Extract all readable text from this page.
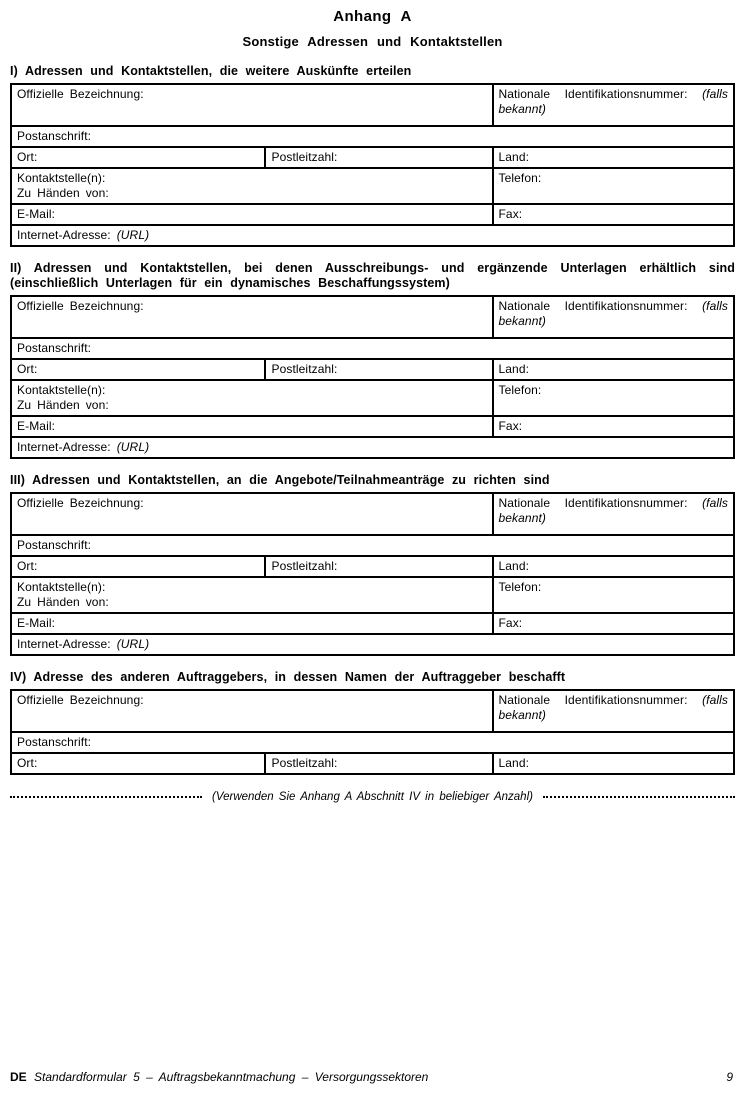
Anhang A
Sonstige Adressen und Kontaktstellen
I) Adressen und Kontaktstellen, die weitere Auskünfte erteilen
Offizielle Bezeichnung:		Nationale Identifikationsnummer: (falls bekannt)
Postanschrift:		
Ort:	Postleitzahl:	Land:
Kontaktstelle(n):
Zu Händen von:		Telefon:
E-Mail:		Fax:
Internet-Adresse: (URL)		
II) Adressen und Kontaktstellen, bei denen Ausschreibungs- und ergänzende Unterlagen erhältlich sind (einschließlich Unterlagen für ein dynamisches Beschaffungssystem)
Offizielle Bezeichnung:		Nationale Identifikationsnummer: (falls bekannt)
Postanschrift:		
Ort:	Postleitzahl:	Land:
Kontaktstelle(n):
Zu Händen von:		Telefon:
E-Mail:		Fax:
Internet-Adresse: (URL)		
III) Adressen und Kontaktstellen, an die Angebote/Teilnahmeanträge zu richten sind
Offizielle Bezeichnung:		Nationale Identifikationsnummer: (falls bekannt)
Postanschrift:		
Ort:	Postleitzahl:	Land:
Kontaktstelle(n):
Zu Händen von:		Telefon:
E-Mail:		Fax:
Internet-Adresse: (URL)		
IV) Adresse des anderen Auftraggebers, in dessen Namen der Auftraggeber beschafft
Offizielle Bezeichnung:		Nationale Identifikationsnummer: (falls bekannt)
Postanschrift:		
Ort:	Postleitzahl:	Land:
(Verwenden Sie Anhang A Abschnitt IV in beliebiger Anzahl)
DE Standardformular 5 – Auftragsbekanntmachung – Versorgungssektoren	9
